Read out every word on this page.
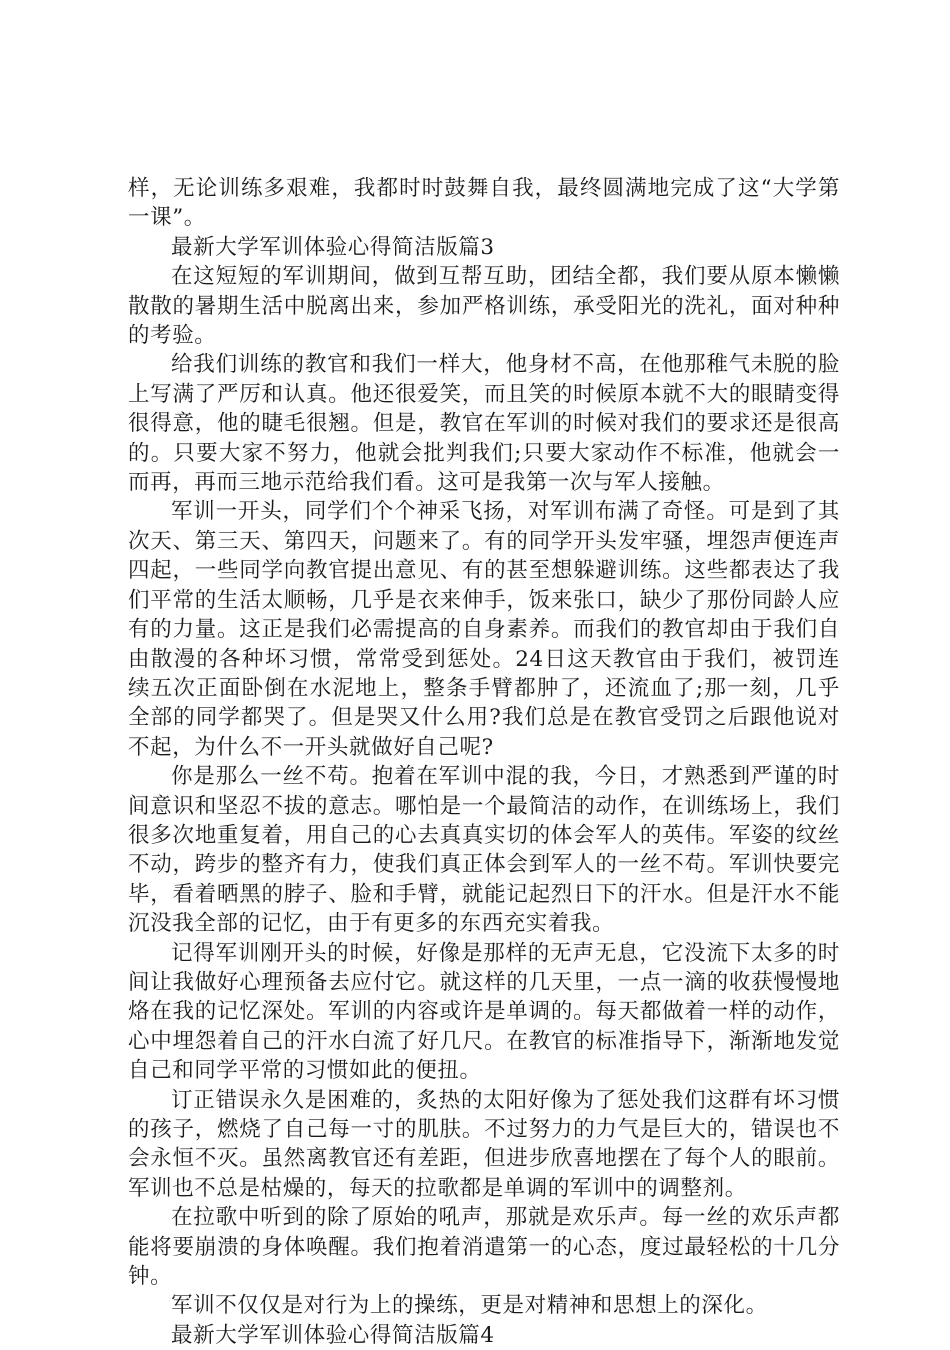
样，无论训练多艰难，我都时时鼓舞自我，最终圆满地完成了这“大学第一课”。

最新大学军训体验心得简洁版篇3

在这短短的军训期间，做到互帮互助，团结全都，我们要从原本懒懒散散的暑期生活中脱离出来，参加严格训练，承受阳光的洗礼，面对种种的考验。

给我们训练的教官和我们一样大，他身材不高，在他那稚气未脱的脸上写满了严厉和认真。他还很爱笑，而且笑的时候原本就不大的眼睛变得很得意，他的睫毛很翘。但是，教官在军训的时候对我们的要求还是很高的。只要大家不努力，他就会批判我们;只要大家动作不标准，他就会一而再，再而三地示范给我们看。这可是我第一次与军人接触。

军训一开头，同学们个个神采飞扬，对军训布满了奇怪。可是到了其次天、第三天、第四天，问题来了。有的同学开头发牢骚，埋怨声便连声四起，一些同学向教官提出意见、有的甚至想躲避训练。这些都表达了我们平常的生活太顺畅，几乎是衣来伸手，饭来张口，缺少了那份同龄人应有的力量。这正是我们必需提高的自身素养。而我们的教官却由于我们自由散漫的各种坏习惯，常常受到惩处。24日这天教官由于我们，被罚连续五次正面卧倒在水泥地上，整条手臂都肿了，还流血了;那一刻，几乎全部的同学都哭了。但是哭又什么用?我们总是在教官受罚之后跟他说对不起，为什么不一开头就做好自己呢?

你是那么一丝不苟。抱着在军训中混的我，今日，才熟悉到严谨的时间意识和坚忍不拔的意志。哪怕是一个最简洁的动作，在训练场上，我们很多次地重复着，用自己的心去真真实切的体会军人的英伟。军姿的纹丝不动，跨步的整齐有力，使我们真正体会到军人的一丝不苟。军训快要完毕，看着晒黑的脖子、脸和手臂，就能记起烈日下的汗水。但是汗水不能沉没我全部的记忆，由于有更多的东西充实着我。

记得军训刚开头的时候，好像是那样的无声无息，它没流下太多的时间让我做好心理预备去应付它。就这样的几天里，一点一滴的收获慢慢地烙在我的记忆深处。军训的内容或许是单调的。每天都做着一样的动作，心中埋怨着自己的汗水白流了好几尺。在教官的标准指导下，渐渐地发觉自己和同学平常的习惯如此的便扭。

订正错误永久是困难的，炙热的太阳好像为了惩处我们这群有坏习惯的孩子，燃烧了自己每一寸的肌肤。不过努力的力气是巨大的，错误也不会永恒不灭。虽然离教官还有差距，但进步欣喜地摆在了每个人的眼前。军训也不总是枯燥的，每天的拉歌都是单调的军训中的调整剂。

在拉歌中听到的除了原始的吼声，那就是欢乐声。每一丝的欢乐声都能将要崩溃的身体唤醒。我们抱着消遣第一的心态，度过最轻松的十几分钟。

军训不仅仅是对行为上的操练，更是对精神和思想上的深化。

最新大学军训体验心得简洁版篇4
